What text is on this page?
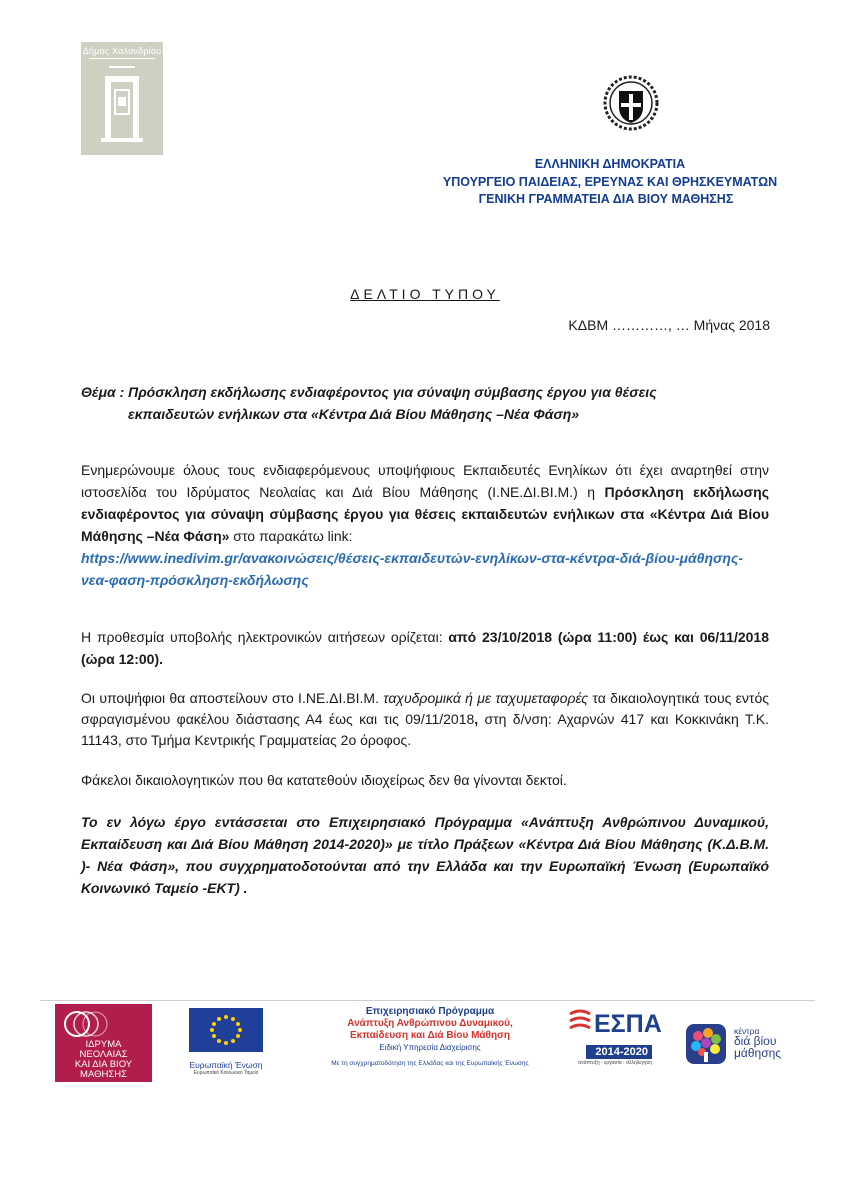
Δήμος Χαλανδρίου
ΕΛΛΗΝΙΚΗ ΔΗΜΟΚΡΑΤΙΑ
ΥΠΟΥΡΓΕΙΟ ΠΑΙΔΕΙΑΣ, ΕΡΕΥΝΑΣ ΚΑΙ ΘΡΗΣΚΕΥΜΑΤΩΝ
ΓΕΝΙΚΗ ΓΡΑΜΜΑΤΕΙΑ ΔΙΑ ΒΙΟΥ ΜΑΘΗΣΗΣ
ΔΕΛΤΙΟ ΤΥΠΟΥ
ΚΔΒΜ …………, … Μήνας 2018
Θέμα : Πρόσκληση εκδήλωσης ενδιαφέροντος για σύναψη σύμβασης έργου για θέσεις
εκπαιδευτών ενήλικων στα «Κέντρα Διά Βίου Μάθησης –Νέα Φάση»

Ενημερώνουμε όλους τους ενδιαφερόμενους υποψήφιους Εκπαιδευτές Ενηλίκων ότι έχει αναρτηθεί στην ιστοσελίδα του Ιδρύματος Νεολαίας και Διά Βίου Μάθησης (Ι.ΝΕ.ΔΙ.ΒΙ.Μ.) η Πρόσκληση εκδήλωσης ενδιαφέροντος για σύναψη σύμβασης έργου για θέσεις εκπαιδευτών ενήλικων στα «Κέντρα Διά Βίου Μάθησης –Νέα Φάση» στο παρακάτω link:
https://www.inedivim.gr/ανακοινώσεις/θέσεις-εκπαιδευτών-ενηλίκων-στα-κέντρα-διά-βίου-μάθησης-νεα-φαση-πρόσκληση-εκδήλωσης

Η προθεσμία υποβολής ηλεκτρονικών αιτήσεων ορίζεται: από 23/10/2018 (ώρα 11:00) έως και 06/11/2018 (ώρα 12:00).

Οι υποψήφιοι θα αποστείλουν στο Ι.ΝΕ.ΔΙ.ΒΙ.Μ. ταχυδρομικά ή με ταχυμεταφορές τα δικαιολογητικά τους εντός σφραγισμένου φακέλου διάστασης Α4 έως και τις 09/11/2018, στη δ/νση: Αχαρνών 417 και Κοκκινάκη Τ.Κ. 11143, στο Τμήμα Κεντρικής Γραμματείας 2ο όροφος.

Φάκελοι δικαιολογητικών που θα κατατεθούν ιδιοχείρως δεν θα γίνονται δεκτοί.
Το εν λόγω έργο εντάσσεται στο Επιχειρησιακό Πρόγραμμα «Ανάπτυξη Ανθρώπινου Δυναμικού, Εκπαίδευση και Διά Βίου Μάθηση 2014-2020)» με τίτλο Πράξεων «Κέντρα Διά Βίου Μάθησης (Κ.Δ.Β.Μ. )- Νέα Φάση», που συγχρηματοδοτούνται από την Ελλάδα και την Ευρωπαϊκή Ένωση (Ευρωπαϊκό Κοινωνικό Ταμείο -ΕΚΤ) .
ΙΔΡΥΜΑ
ΝΕΟΛΑΙΑΣ
ΚΑΙ ΔΙΑ ΒΙΟΥ
ΜΑΘΗΣΗΣ
Ευρωπαϊκή Ένωση
Ευρωπαϊκό Κοινωνικό Ταμείο
Επιχειρησιακό Πρόγραμμα
Ανάπτυξη Ανθρώπινου Δυναμικού,
Εκπαίδευση και Διά Βίου Μάθηση
Ειδική Υπηρεσία Διαχείρισης
Με τη συγχρηματοδότηση της Ελλάδας και της Ευρωπαϊκής Ένωσης
ΕΣΠΑ
2014-2020
ανάπτυξη - εργασία - αλληλεγγύη
κέντρα
διά βίου
μάθησης
